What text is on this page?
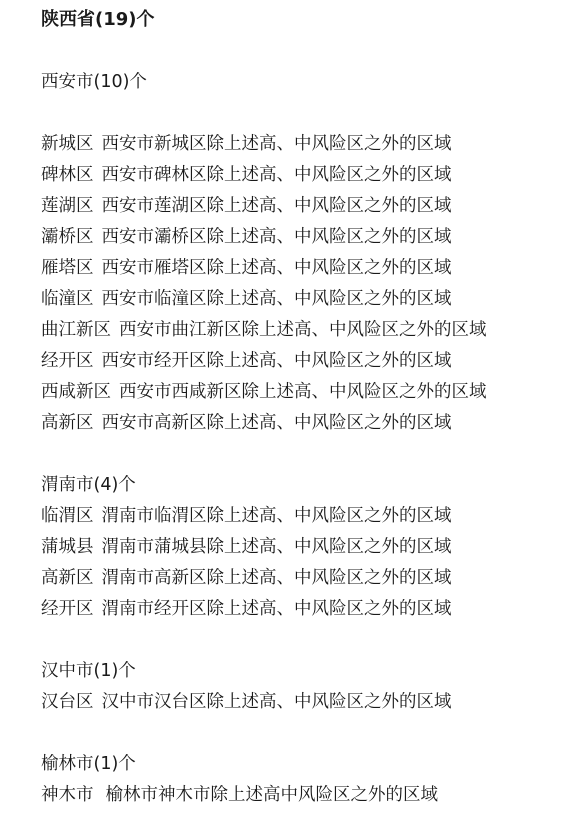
陕西省(19)个
西安市(10)个
新城区 西安市新城区除上述高、中风险区之外的区域
碑林区 西安市碑林区除上述高、中风险区之外的区域
莲湖区 西安市莲湖区除上述高、中风险区之外的区域
灞桥区 西安市灞桥区除上述高、中风险区之外的区域
雁塔区 西安市雁塔区除上述高、中风险区之外的区域
临潼区 西安市临潼区除上述高、中风险区之外的区域
曲江新区 西安市曲江新区除上述高、中风险区之外的区域
经开区 西安市经开区除上述高、中风险区之外的区域
西咸新区 西安市西咸新区除上述高、中风险区之外的区域
高新区 西安市高新区除上述高、中风险区之外的区域
渭南市(4)个
临渭区 渭南市临渭区除上述高、中风险区之外的区域
蒲城县 渭南市蒲城县除上述高、中风险区之外的区域
高新区 渭南市高新区除上述高、中风险区之外的区域
经开区 渭南市经开区除上述高、中风险区之外的区域
汉中市(1)个
汉台区 汉中市汉台区除上述高、中风险区之外的区域
榆林市(1)个
神木市 榆林市神木市除上述高中风险区之外的区域
